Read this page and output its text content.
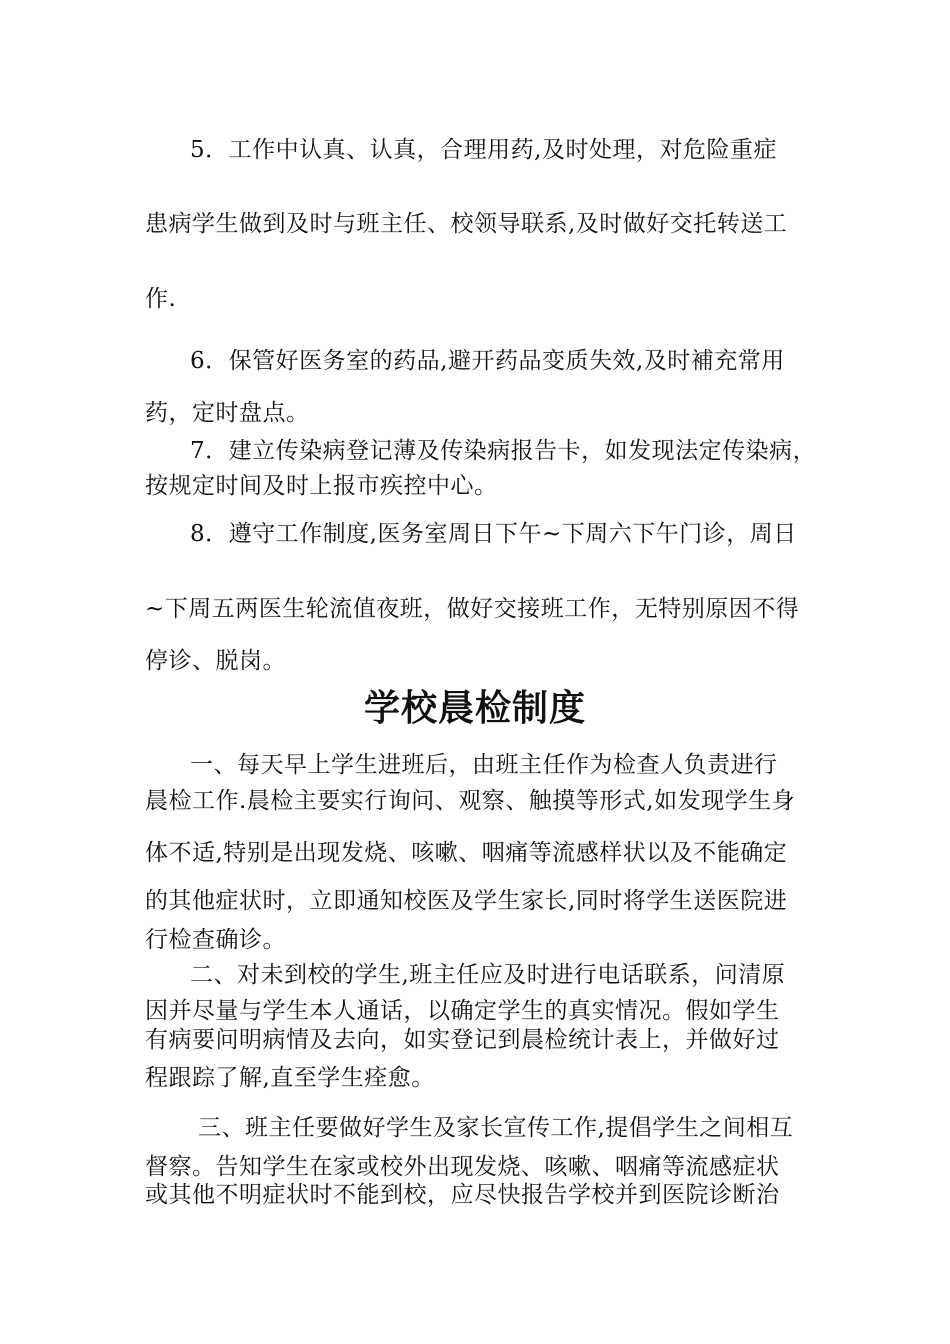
5．工作中认真、认真，合理用药,及时处理，对危险重症
患病学生做到及时与班主任、校领导联系,及时做好交托转送工
作.
6．保管好医务室的药品,避开药品变质失效,及时補充常用
药，定时盘点。
7．建立传染病登记薄及传染病报告卡，如发现法定传染病，
按规定时间及时上报市疾控中心。
8．遵守工作制度,医务室周日下午~下周六下午门诊，周日
~下周五两医生轮流值夜班，做好交接班工作，无特别原因不得
停诊、脱岗。
学校晨检制度
一、每天早上学生进班后，由班主任作为检查人负责进行
晨检工作.晨检主要实行询问、观察、触摸等形式,如发现学生身
体不适,特别是出现发烧、咳嗽、咽痛等流感样状以及不能确定
的其他症状时，立即通知校医及学生家长,同时将学生送医院进
行检查确诊。
二、对未到校的学生,班主任应及时进行电话联系，问清原
因并尽量与学生本人通话，以确定学生的真实情况。假如学生
有病要问明病情及去向，如实登记到晨检统计表上，并做好过
程跟踪了解,直至学生痊愈。
三、班主任要做好学生及家长宣传工作,提倡学生之间相互
督察。告知学生在家或校外出现发烧、咳嗽、咽痛等流感症状
或其他不明症状时不能到校，应尽快报告学校并到医院诊断治
